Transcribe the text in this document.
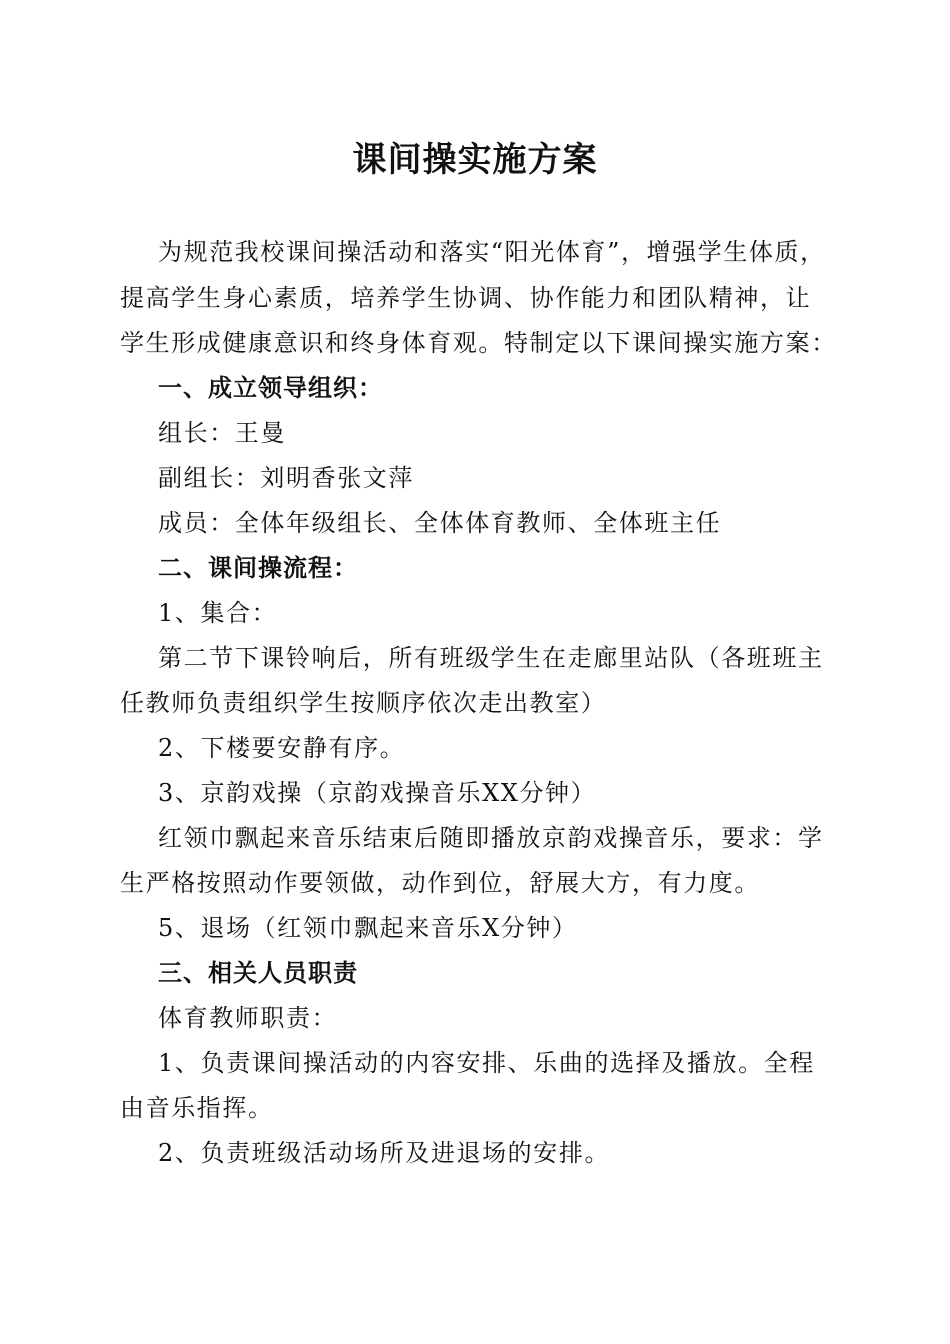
课间操实施方案
为规范我校课间操活动和落实“阳光体育”，增强学生体质，
提高学生身心素质，培养学生协调、协作能力和团队精神，让
学生形成健康意识和终身体育观。特制定以下课间操实施方案：
一、成立领导组织：
组长：王曼
副组长：刘明香张文萍
成员：全体年级组长、全体体育教师、全体班主任
二、课间操流程：
1、集合：
第二节下课铃响后，所有班级学生在走廊里站队（各班班主
任教师负责组织学生按顺序依次走出教室）
2、下楼要安静有序。
3、京韵戏操（京韵戏操音乐XX分钟）
红领巾飘起来音乐结束后随即播放京韵戏操音乐，要求：学
生严格按照动作要领做，动作到位，舒展大方，有力度。
5、退场（红领巾飘起来音乐X分钟）
三、相关人员职责
体育教师职责：
1、负责课间操活动的内容安排、乐曲的选择及播放。全程
由音乐指挥。
2、负责班级活动场所及进退场的安排。
